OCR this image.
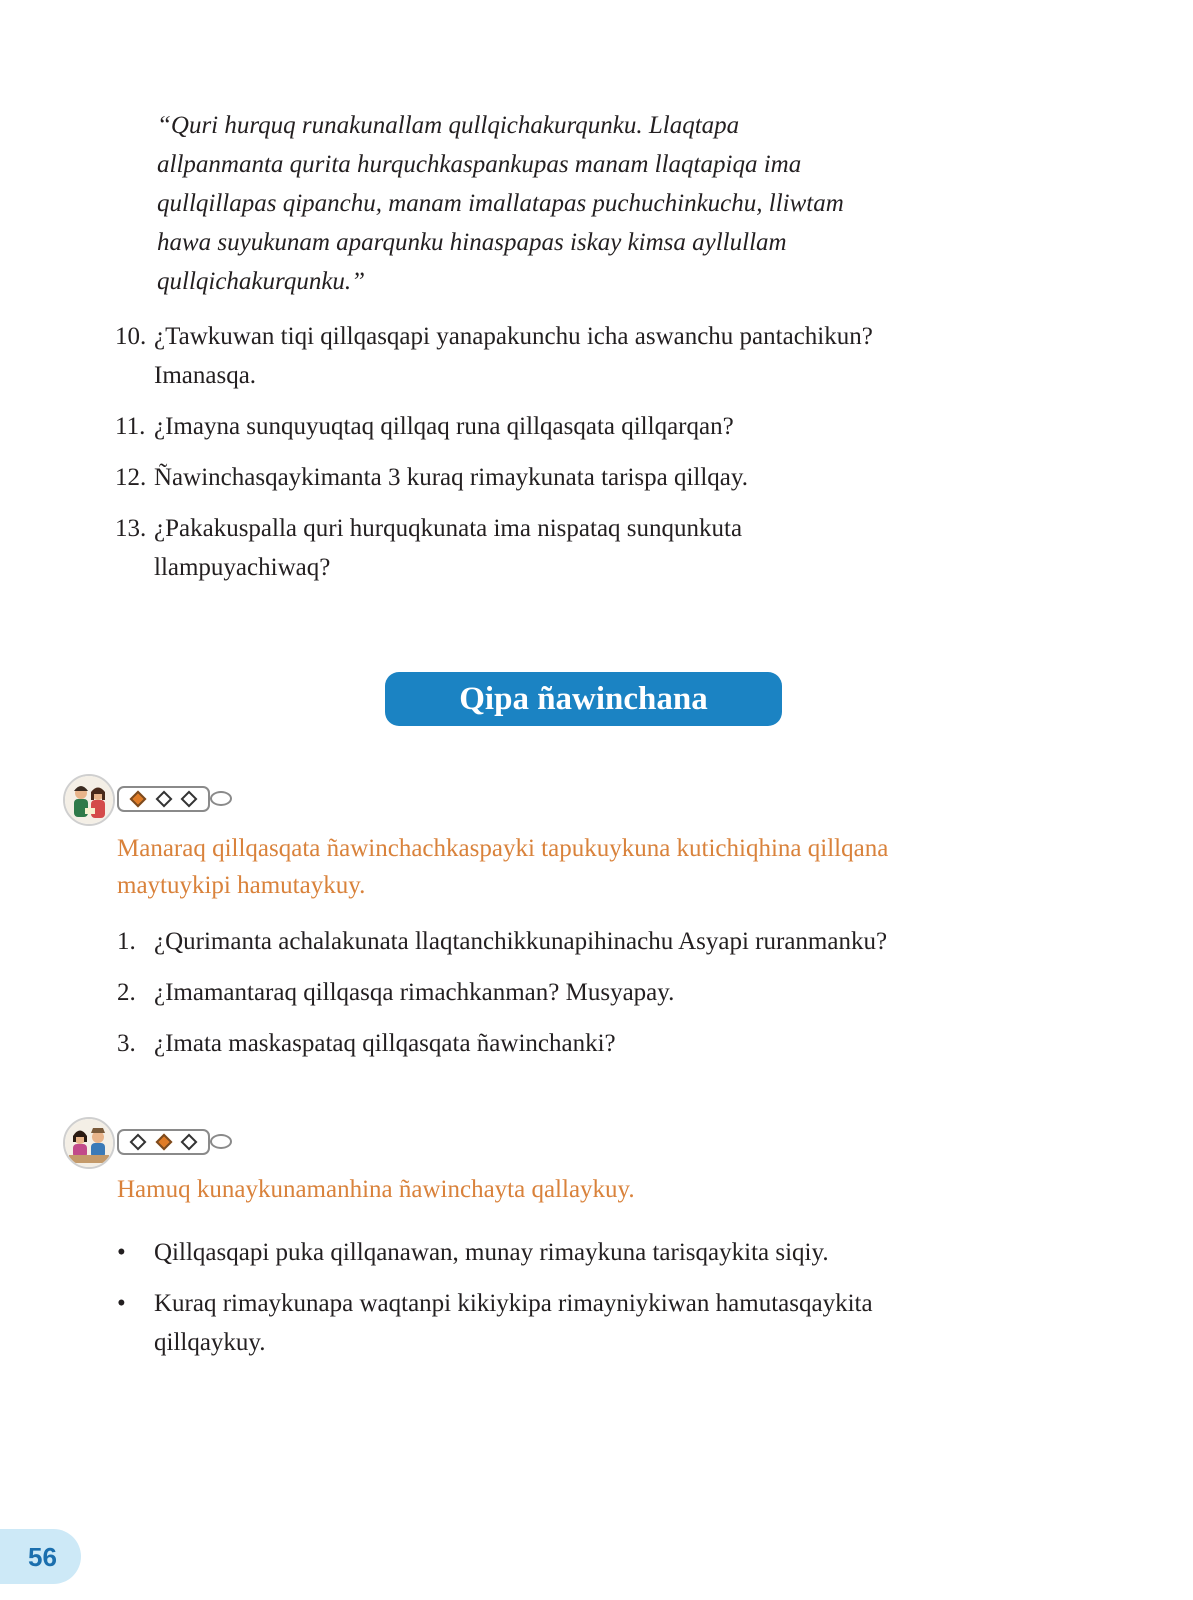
“Quri hurquq runakunallam qullqichakurqunku. Llaqtapa
allpanmanta qurita hurquchkaspankupas manam llaqtapiqa ima
qullqillapas qipanchu, manam imallatapas puchuchinkuchu, lliwtam
hawa suyukunam aparqunku hinaspapas iskay kimsa ayllullam
qullqichakurqunku.”
10. ¿Tawkuwan tiqi qillqasqapi yanapakunchu icha aswanchu pantachikun?
Imanasqa.
11. ¿Imayna sunquyuqtaq qillqaq runa qillqasqata qillqarqan?
12. Ñawinchasqaykimanta 3 kuraq rimaykunata tarispa qillqay.
13. ¿Pakakuspalla quri hurquqkunata ima nispataq sunqunkuta
llampuyachiwaq?
Qipa ñawinchana

Manaraq qillqasqata ñawinchachkaspayki tapukuykuna kutichiqhina qillqana
maytuykipi hamutaykuy.

1. ¿Qurimanta achalakunata llaqtanchikkunapihinachu Asyapi ruranmanku?
2. ¿Imamantaraq qillqasqa rimachkanman? Musyapay.
3. ¿Imata maskaspataq qillqasqata ñawinchanki?

Hamuq kunaykunamanhina ñawinchayta qallaykuy.

• Qillqasqapi puka qillqanawan, munay rimaykuna tarisqaykita siqiy.
• Kuraq rimaykunapa waqtanpi kikiykipa rimayniykiwan hamutasqaykita
qillqaykuy.
56
